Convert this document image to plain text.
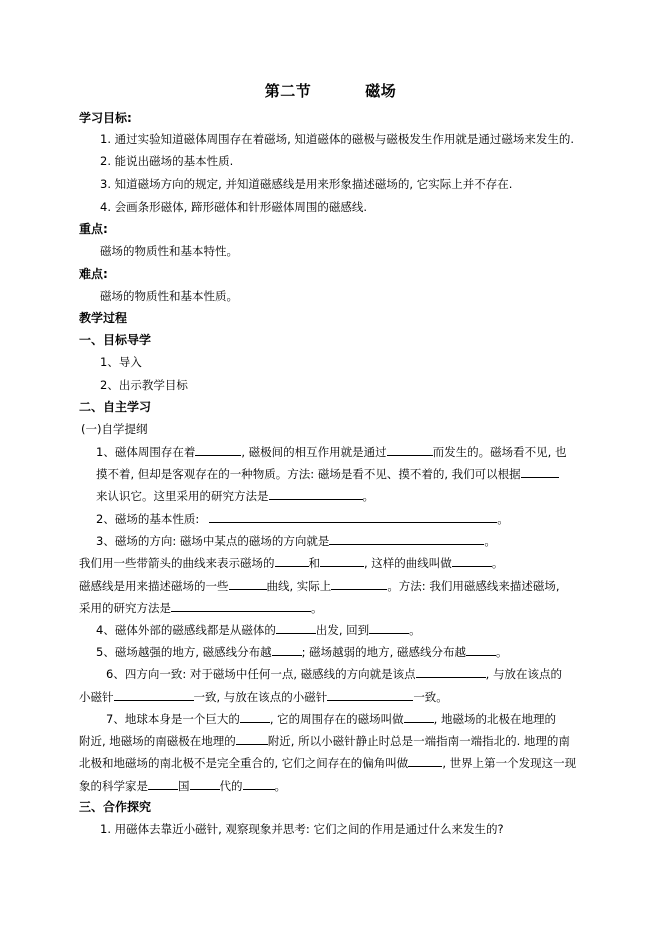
第二节	磁场
学习目标:
1. 通过实验知道磁体周围存在着磁场, 知道磁体的磁极与磁极发生作用就是通过磁场来发生的.
2. 能说出磁场的基本性质.
3. 知道磁场方向的规定, 并知道磁感线是用来形象描述磁场的, 它实际上并不存在.
4. 会画条形磁体, 蹄形磁体和针形磁体周围的磁感线.
重点:
磁场的物质性和基本特性。
难点:
磁场的物质性和基本性质。
教学过程
一、目标导学
1、导入
2、出示教学目标
二、自主学习
(一)自学提纲
1、磁体周围存在着	, 磁极间的相互作用就是通过	而发生的。磁场看不见, 也
摸不着, 但却是客观存在的一种物质。方法: 磁场是看不见、摸不着的, 我们可以根据
来认识它。这里采用的研究方法是	。
2、磁场的基本性质:	。
3、磁场的方向: 磁场中某点的磁场的方向就是	。
我们用一些带箭头的曲线来表示磁场的	和	, 这样的曲线叫做	。
磁感线是用来描述磁场的一些	曲线, 实际上	。方法: 我们用磁感线来描述磁场,
采用的研究方法是	。
4、磁体外部的磁感线都是从磁体的	出发, 回到	。
5、磁场越强的地方, 磁感线分布越	; 磁场越弱的地方, 磁感线分布越	。
6、四方向一致: 对于磁场中任何一点, 磁感线的方向就是该点	, 与放在该点的
小磁针	一致, 与放在该点的小磁针	一致。
7、地球本身是一个巨大的	, 它的周围存在的磁场叫做	, 地磁场的北极在地理的
附近, 地磁场的南磁极在地理的	附近, 所以小磁针静止时总是一端指南一端指北的. 地理的南
北极和地磁场的南北极不是完全重合的, 它们之间存在的偏角叫做	, 世界上第一个发现这一现
象的科学家是	国	代的	。
三、合作探究
1. 用磁体去靠近小磁针, 观察现象并思考: 它们之间的作用是通过什么来发生的?
